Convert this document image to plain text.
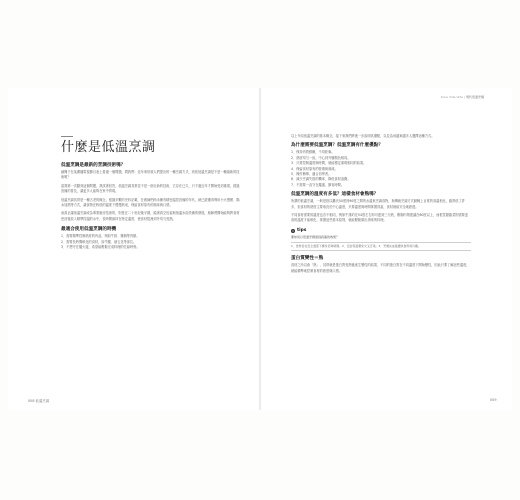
什麼是低溫烹調
低溫烹調是最新的烹調技術嗎？
細聞子在某廣播電視節目表上看過一個問題，問我們：近年來常被人們提出的一種烹調方式，到底低溫烹調是不是一種最新的技術呢？
當我第一次聽到這個問題，我試著回答，低溫烹調其實並不是一個全新的技術，它存在已久，只不過近年才開始受到重視，經過設備的普及，讓更多人能夠在家中實現。
低溫烹調其實是一種古老的概念，根據多數的史料記載，在廚師們尚未擁有精密溫控設備的年代，就已經懂得利用小火慢燉、隔水加熱等方式，讓食物在較低的溫度下慢慢熟成，保留食材原有的風味與口感。
而真正讓低溫烹調成為專業廚房技術的，則是在二十世紀後半期，隨著真空包裝與恆溫水浴設備的發展，廚師們開始能夠將食材密封後放入精準控溫的水中，長時間維持在特定溫度，使食材從裡到外均勻受熱。
最適合使用低溫烹調的時機
1．需要精準控制熟度的肉品，例如牛排、雞胸等肉類。
2．需要長時間軟化的食材，如牛腱、豬五花等部位。
3．不想守在爐火邊，希望能輕鬆完成料理的忙碌時刻。
以上介紹低溫烹調的基本概念，接下來我們將進一步說明其優點，以及為何越來越多人選擇這種方式。
為什麼需要低溫烹調？低溫烹調有什麼優點？
1．保持肉質鮮嫩，不易乾柴。
2．熟度均勻一致，中心到外層顏色相同。
3．只要控制溫度與時間，就能穩定重現相同的結果。
4．保留食材原有的營養與風味。
5．操作簡單，適合初學者。
6．減少烹調失敗的機率，降低食材浪費。
7．不需要一直守在爐邊，節省時間。
低溫烹調的溫度有多低？這樣食材會熟嗎？
所謂的低溫烹調，一般是指以攝氏50度到90度之間的水溫來烹調食物，與傳統烹調方式動輒上百度的高溫相比，確實低了許多，但食材的熟度主要取決於中心溫度，只要溫度與時間掌握得當，食材就能安全地熟透。
不同食材需要的溫度也各不相同，例如牛排約在54度左右即可達到三分熟，雞胸肉則建議在60度以上，而根莖類蔬菜則需要更高的溫度才能軟化，掌握這些基本原則，就能輕鬆做出美味的料理。
i tips
要如何以低溫烹調達到殺菌的效果？
1．食材需在安全溫度下維持足夠時間。2．密封包裝避免交叉汙染。3．烹調完成後盡快食用或冷藏。
蛋白質變性＝熟
食材之所以會「熟」，其實就是蛋白質受熱後產生變性的結果，不同的蛋白質在不同溫度下開始變性，因此只要了解這些溫度，就能精準地控制食材的熟度與口感。
Sous Vide Vide | 現代低溫烹調
008 低溫烹調	009
